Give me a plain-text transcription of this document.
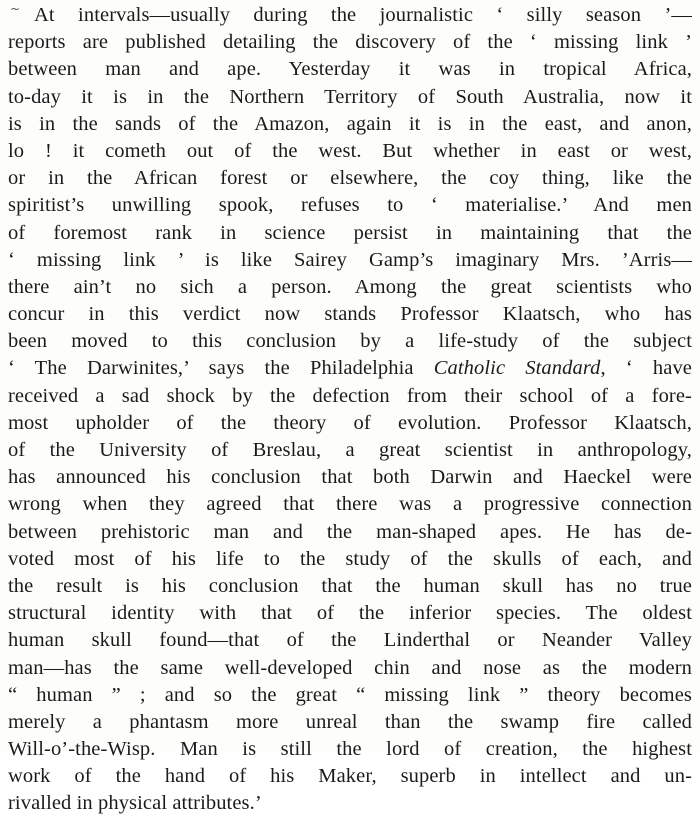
~ At intervals—usually during the journalistic ‘ silly season ’—
reports are published detailing the discovery of the ‘ missing link ’
between man and ape. Yesterday it was in tropical Africa,
to-day it is in the Northern Territory of South Australia, now it
is in the sands of the Amazon, again it is in the east, and anon,
lo ! it cometh out of the west. But whether in east or west,
or in the African forest or elsewhere, the coy thing, like the
spiritist’s unwilling spook, refuses to ‘ materialise.’ And men
of foremost rank in science persist in maintaining that the
‘ missing link ’ is like Sairey Gamp’s imaginary Mrs. ’Arris—
there ain’t no sich a person. Among the great scientists who
concur in this verdict now stands Professor Klaatsch, who has
been moved to this conclusion by a life-study of the subject
‘ The Darwinites,’ says the Philadelphia Catholic Standard, ‘ have
received a sad shock by the defection from their school of a fore-
most upholder of the theory of evolution. Professor Klaatsch,
of the University of Breslau, a great scientist in anthropology,
has announced his conclusion that both Darwin and Haeckel were
wrong when they agreed that there was a progressive connection
between prehistoric man and the man-shaped apes. He has de-
voted most of his life to the study of the skulls of each, and
the result is his conclusion that the human skull has no true
structural identity with that of the inferior species. The oldest
human skull found—that of the Linderthal or Neander Valley
man—has the same well-developed chin and nose as the modern
“ human ” ; and so the great “ missing link ” theory becomes
merely a phantasm more unreal than the swamp fire called
Will-o’-the-Wisp. Man is still the lord of creation, the highest
work of the hand of his Maker, superb in intellect and un-
rivalled in physical attributes.’
